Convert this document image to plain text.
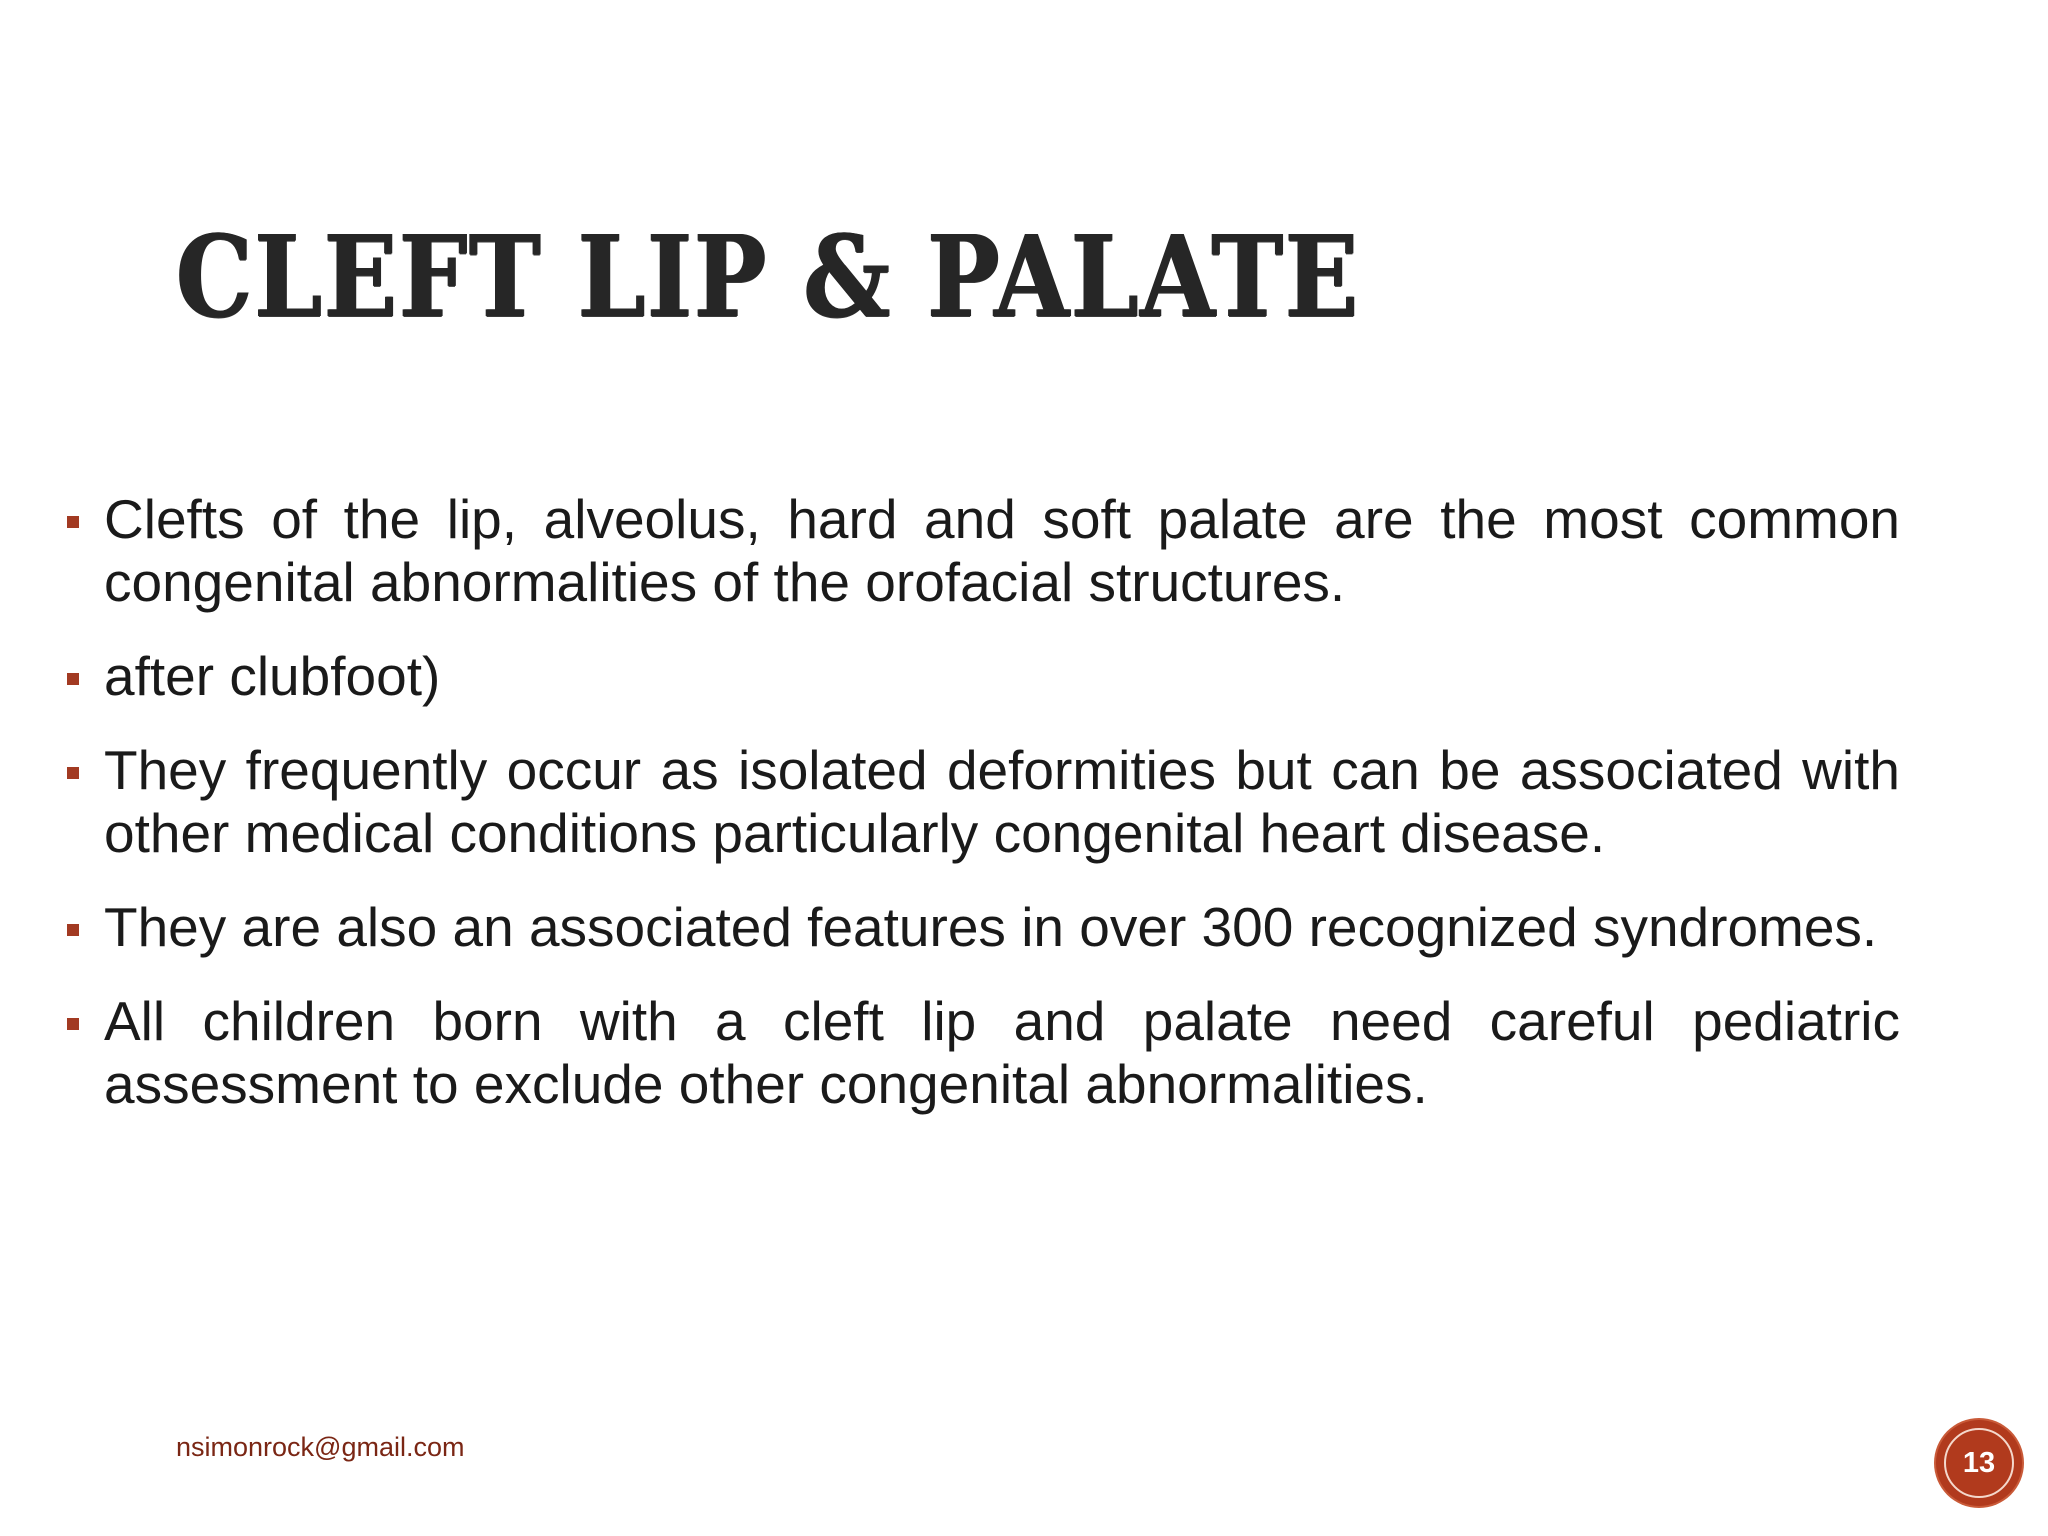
CLEFT LIP & PALATE
Clefts of the lip, alveolus, hard and soft palate are the most common congenital abnormalities of the orofacial structures.
after clubfoot)
They frequently occur as isolated deformities but can be associated with other medical conditions particularly congenital heart disease.
They are also an associated features in over 300 recognized syndromes.
All children born with a cleft lip and palate need careful pediatric assessment to exclude other congenital abnormalities.
nsimonrock@gmail.com	13
